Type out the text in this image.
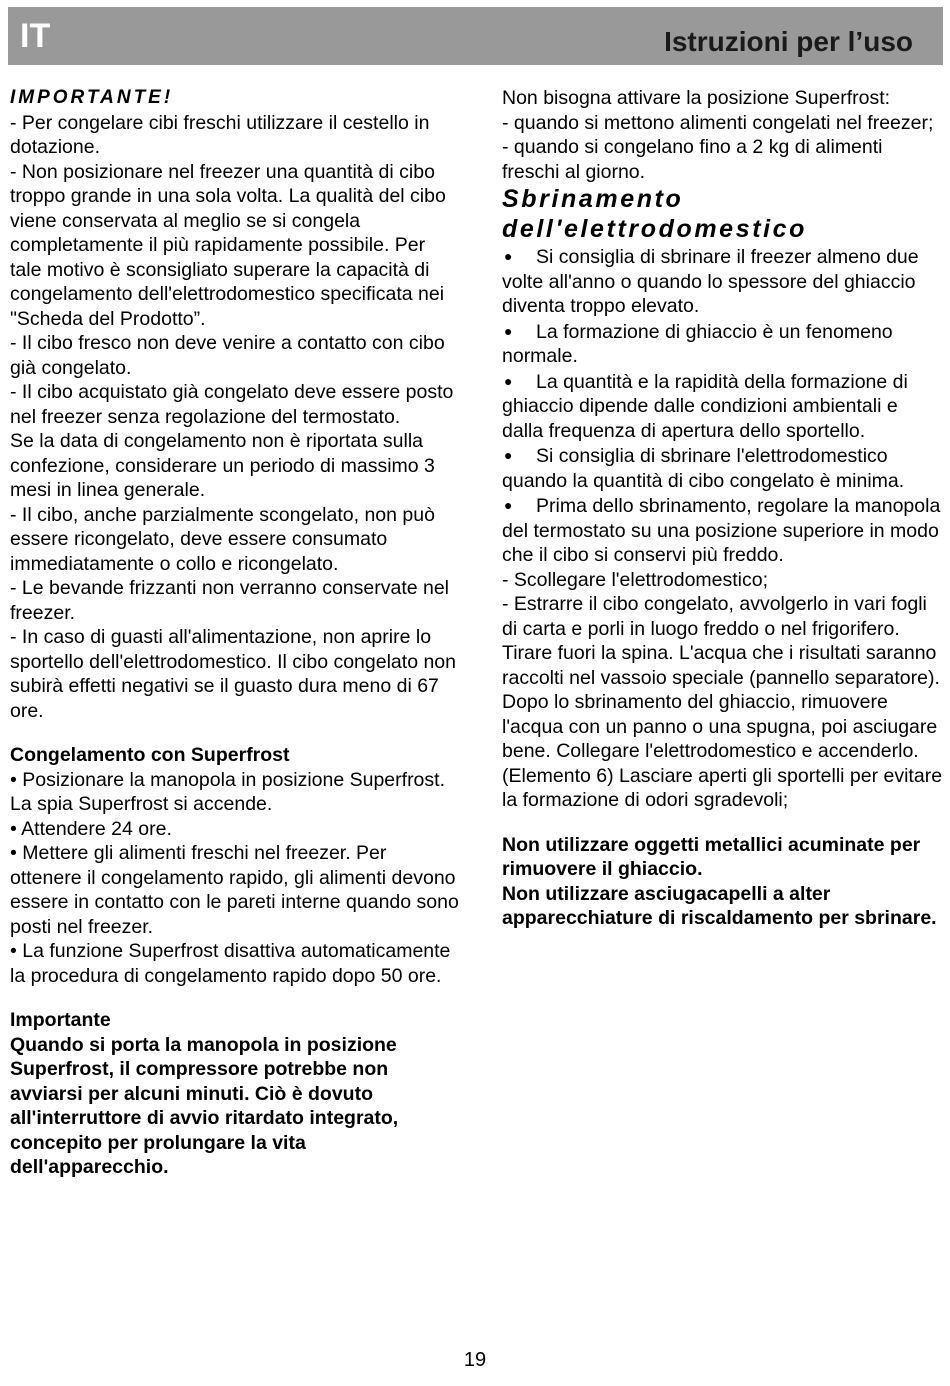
IT	Istruzioni per l’uso

IMPORTANTE!

- Per congelare cibi freschi utilizzare il cestello in dotazione.

- Non posizionare nel freezer una quantità di cibo troppo grande in una sola volta. La qualità del cibo viene conservata al meglio se si congela completamente il più rapidamente possibile. Per tale motivo è sconsigliato superare la capacità di congelamento dell'elettrodomestico specificata nei "Scheda del Prodotto”.

- Il cibo fresco non deve venire a contatto con cibo già congelato.

- Il cibo acquistato già congelato deve essere posto nel freezer senza regolazione del termostato.

Se la data di congelamento non è riportata sulla confezione, considerare un periodo di massimo 3 mesi in linea generale.

- Il cibo, anche parzialmente scongelato, non può essere ricongelato, deve essere consumato immediatamente o collo e ricongelato.

- Le bevande frizzanti non verranno conservate nel freezer.

- In caso di guasti all'alimentazione, non aprire lo sportello dell'elettrodomestico. Il cibo congelato non subirà effetti negativi se il guasto dura meno di 67 ore.

Congelamento con Superfrost

• Posizionare la manopola in posizione Superfrost. La spia Superfrost si accende.

• Attendere 24 ore.

• Mettere gli alimenti freschi nel freezer. Per ottenere il congelamento rapido, gli alimenti devono essere in contatto con le pareti interne quando sono posti nel freezer.

• La funzione Superfrost disattiva automaticamente la procedura di congelamento rapido dopo 50 ore.

Importante

Quando si porta la manopola in posizione Superfrost, il compressore potrebbe non avviarsi per alcuni minuti. Ciò è dovuto all'interruttore di avvio ritardato integrato, concepito per prolungare la vita dell'apparecchio.

Non bisogna attivare la posizione Superfrost:

- quando si mettono alimenti congelati nel freezer;

- quando si congelano fino a 2 kg di alimenti freschi al giorno.

Sbrinamento dell'elettrodomestico

● Si consiglia di sbrinare il freezer almeno due volte all'anno o quando lo spessore del ghiaccio diventa troppo elevato.

● La formazione di ghiaccio è un fenomeno normale.

● La quantità e la rapidità della formazione di ghiaccio dipende dalle condizioni ambientali e dalla frequenza di apertura dello sportello.

● Si consiglia di sbrinare l'elettrodomestico quando la quantità di cibo congelato è minima.

● Prima dello sbrinamento, regolare la manopola del termostato su una posizione superiore in modo che il cibo si conservi più freddo.

- Scollegare l'elettrodomestico;

- Estrarre il cibo congelato, avvolgerlo in vari fogli di carta e porli in luogo freddo o nel frigorifero.

Tirare fuori la spina. L'acqua che i risultati saranno raccolti nel vassoio speciale (pannello separatore). Dopo lo sbrinamento del ghiaccio, rimuovere l'acqua con un panno o una spugna, poi asciugare bene. Collegare l'elettrodomestico e accenderlo. (Elemento 6) Lasciare aperti gli sportelli per evitare la formazione di odori sgradevoli;

Non utilizzare oggetti metallici acuminate per rimuovere il ghiaccio.

Non utilizzare asciugacapelli a alter apparecchiature di riscaldamento per sbrinare.

19
